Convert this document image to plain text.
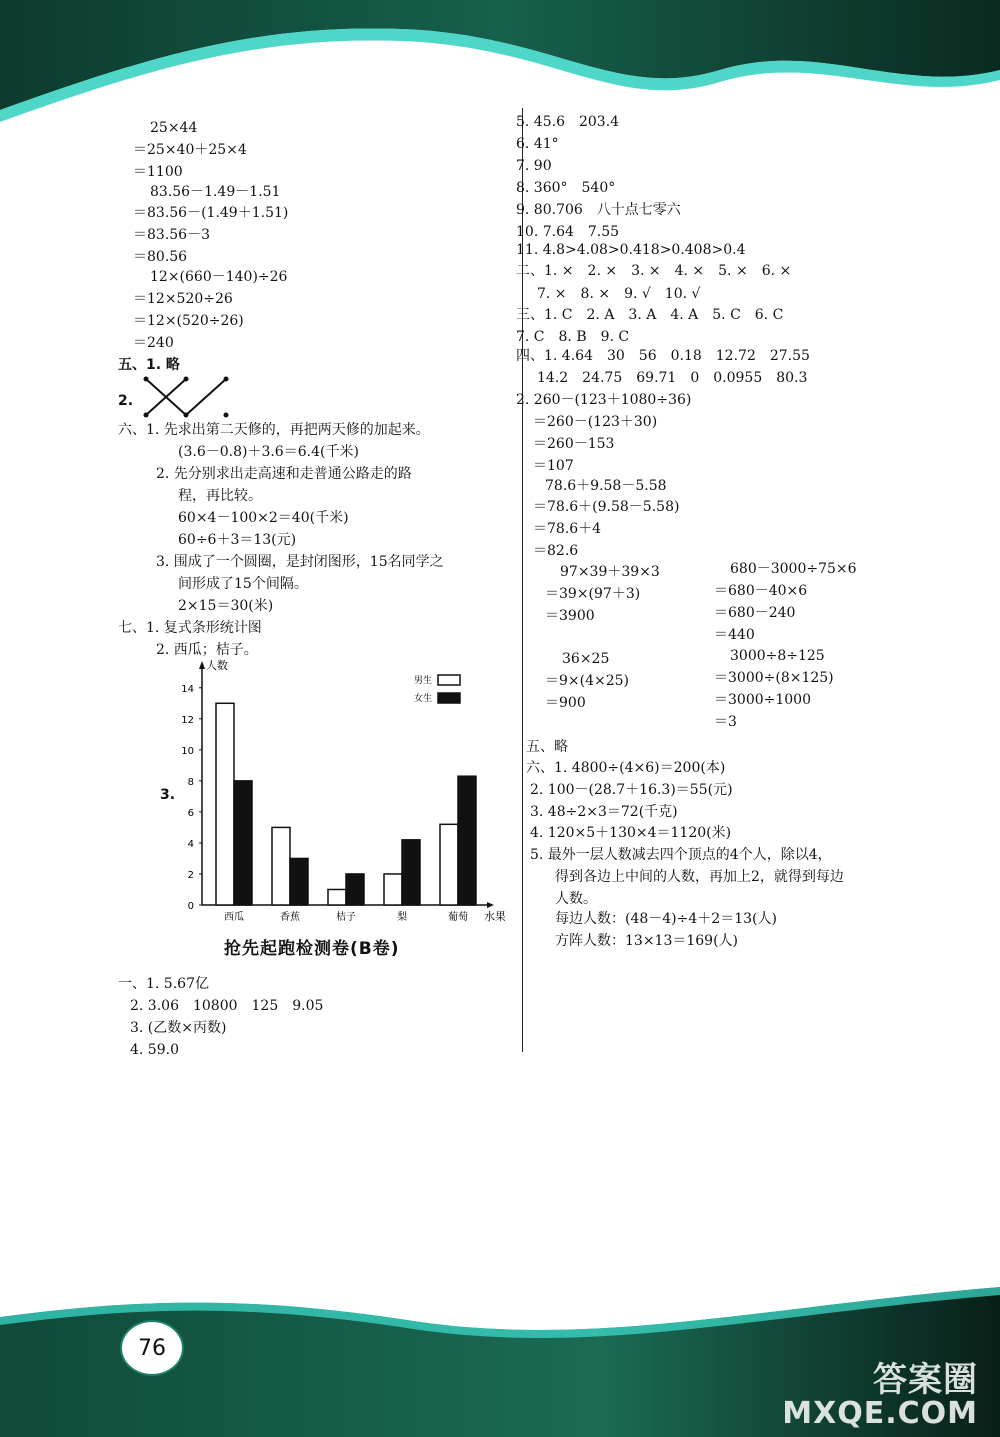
25×44
＝25×40＋25×4
＝1100
83.56－1.49－1.51
＝83.56－(1.49＋1.51)
＝83.56－3
＝80.56
12×(660－140)÷26
＝12×520÷26
＝12×(520÷26)
＝240
五、1. 略
2.
六、1. 先求出第二天修的，再把两天修的加起来。
(3.6－0.8)＋3.6＝6.4(千米)
2. 先分别求出走高速和走普通公路走的路
程，再比较。
60×4－100×2＝40(千米)
60÷6＋3＝13(元)
3. 围成了一个圆圈，是封闭图形，15名同学之
间形成了15个间隔。
2×15＝30(米)
七、1. 复式条形统计图
2. 西瓜；桔子。
3.
一、1. 5.67亿
2. 3.06　10800　125　9.05
3. (乙数×丙数)
4. 59.0
5. 45.6　203.4
6. 41°
7. 90
8. 360°　540°
9. 80.706　八十点七零六
10. 7.64　7.55
11. 4.8>4.08>0.418>0.408>0.4
二、1. ×　2. ×　3. ×　4. ×　5. ×　6. ×
7. ×　8. ×　9. √　10. √
三、1. C　2. A　3. A　4. A　5. C　6. C
7. C　8. B　9. C
四、1. 4.64　30　56　0.18　12.72　27.55
14.2　24.75　69.71　0　0.0955　80.3
2. 260－(123＋1080÷36)
＝260－(123＋30)
＝260－153
＝107
78.6＋9.58－5.58
＝78.6＋(9.58－5.58)
＝78.6＋4
＝82.6
97×39＋39×3
＝39×(97＋3)
＝3900
680－3000÷75×6
＝680－40×6
＝680－240
＝440
36×25
＝9×(4×25)
＝900
3000÷8÷125
＝3000÷(8×125)
＝3000÷1000
＝3
五、略
六、1. 4800÷(4×6)＝200(本)
2. 100－(28.7＋16.3)＝55(元)
3. 48÷2×3＝72(千克)
4. 120×5＋130×4＝1120(米)
5. 最外一层人数减去四个顶点的4个人，除以4，
得到各边上中间的人数，再加上2，就得到每边
人数。
每边人数：(48－4)÷4＋2＝13(人)
方阵人数：13×13＝169(人)
人数
水果
0
2
4
6
8
10
12
14
西瓜	香蕉	桔子	梨	葡萄
男生
女生
抢先起跑检测卷(B卷)
76
答案圈
MXQE.COM
